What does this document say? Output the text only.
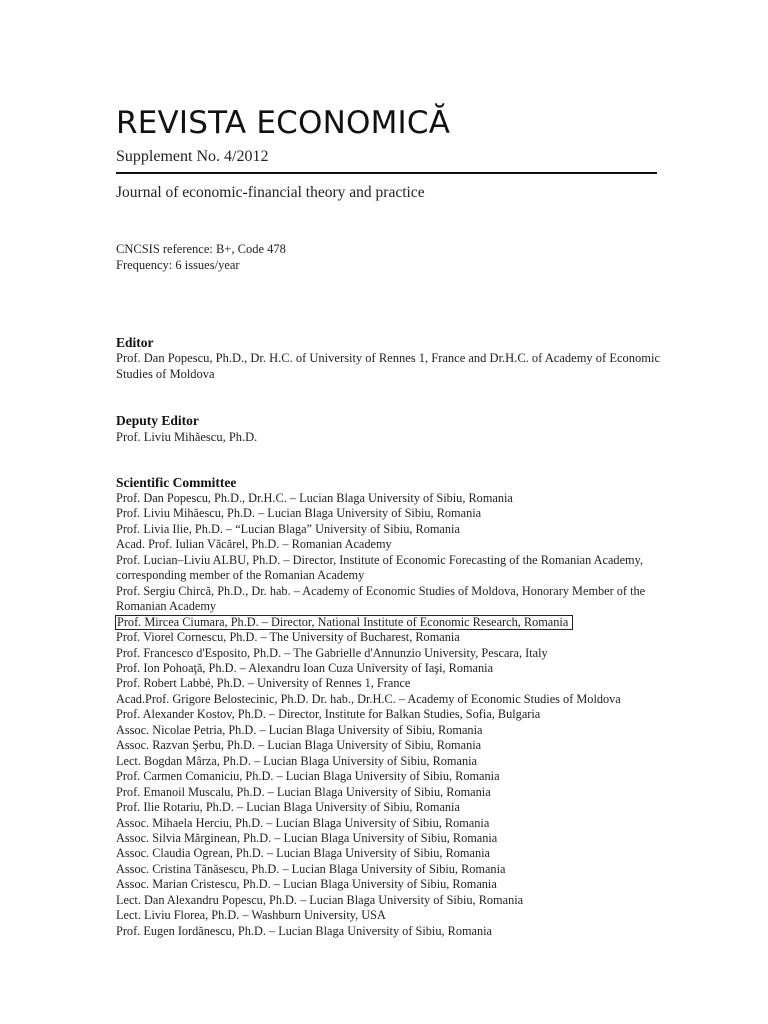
REVISTA ECONOMICĂ
Supplement No. 4/2012
Journal of economic-financial theory and practice
CNCSIS reference: B+, Code 478
Frequency: 6 issues/year
Editor
Prof. Dan Popescu, Ph.D., Dr. H.C. of University of Rennes 1, France and Dr.H.C. of Academy of Economic Studies of Moldova
Deputy Editor
Prof. Liviu Mihăescu, Ph.D.
Scientific Committee
Prof. Dan Popescu, Ph.D., Dr.H.C. – Lucian Blaga University of Sibiu, Romania
Prof. Liviu Mihăescu, Ph.D. – Lucian Blaga University of Sibiu, Romania
Prof. Livia Ilie, Ph.D. – “Lucian Blaga” University of Sibiu, Romania
Acad. Prof. Iulian Văcărel, Ph.D. – Romanian Academy
Prof. Lucian–Liviu ALBU, Ph.D. – Director, Institute of Economic Forecasting of the Romanian Academy, corresponding member of the Romanian Academy
Prof. Sergiu Chircă, Ph.D., Dr. hab. – Academy of Economic Studies of Moldova, Honorary Member of the Romanian Academy
Prof. Mircea Ciumara, Ph.D. – Director, National Institute of Economic Research, Romania
Prof. Viorel Cornescu, Ph.D. – The University of Bucharest, Romania
Prof. Francesco d'Esposito, Ph.D. – The Gabrielle d'Annunzio University, Pescara, Italy
Prof. Ion Pohoaţă, Ph.D. – Alexandru Ioan Cuza University of Iaşi, Romania
Prof. Robert Labbé, Ph.D. – University of Rennes 1, France
Acad.Prof. Grigore Belostecinic, Ph.D. Dr. hab., Dr.H.C. – Academy of Economic Studies of Moldova
Prof. Alexander Kostov, Ph.D. – Director, Institute for Balkan Studies, Sofia, Bulgaria
Assoc. Nicolae Petria, Ph.D. – Lucian Blaga University of Sibiu, Romania
Assoc. Razvan Şerbu, Ph.D. – Lucian Blaga University of Sibiu, Romania
Lect. Bogdan Mârza, Ph.D. – Lucian Blaga University of Sibiu, Romania
Prof. Carmen Comaniciu, Ph.D. – Lucian Blaga University of Sibiu, Romania
Prof. Emanoil Muscalu, Ph.D. – Lucian Blaga University of Sibiu, Romania
Prof. Ilie Rotariu, Ph.D. – Lucian Blaga University of Sibiu, Romania
Assoc. Mihaela Herciu, Ph.D. – Lucian Blaga University of Sibiu, Romania
Assoc. Silvia Mărginean, Ph.D. – Lucian Blaga University of Sibiu, Romania
Assoc. Claudia Ogrean, Ph.D. – Lucian Blaga University of Sibiu, Romania
Assoc. Cristina Tănăsescu, Ph.D. – Lucian Blaga University of Sibiu, Romania
Assoc. Marian Cristescu, Ph.D. – Lucian Blaga University of Sibiu, Romania
Lect. Dan Alexandru Popescu, Ph.D. – Lucian Blaga University of Sibiu, Romania
Lect. Liviu Florea, Ph.D. – Washburn University, USA
Prof. Eugen Iordănescu, Ph.D. – Lucian Blaga University of Sibiu, Romania
